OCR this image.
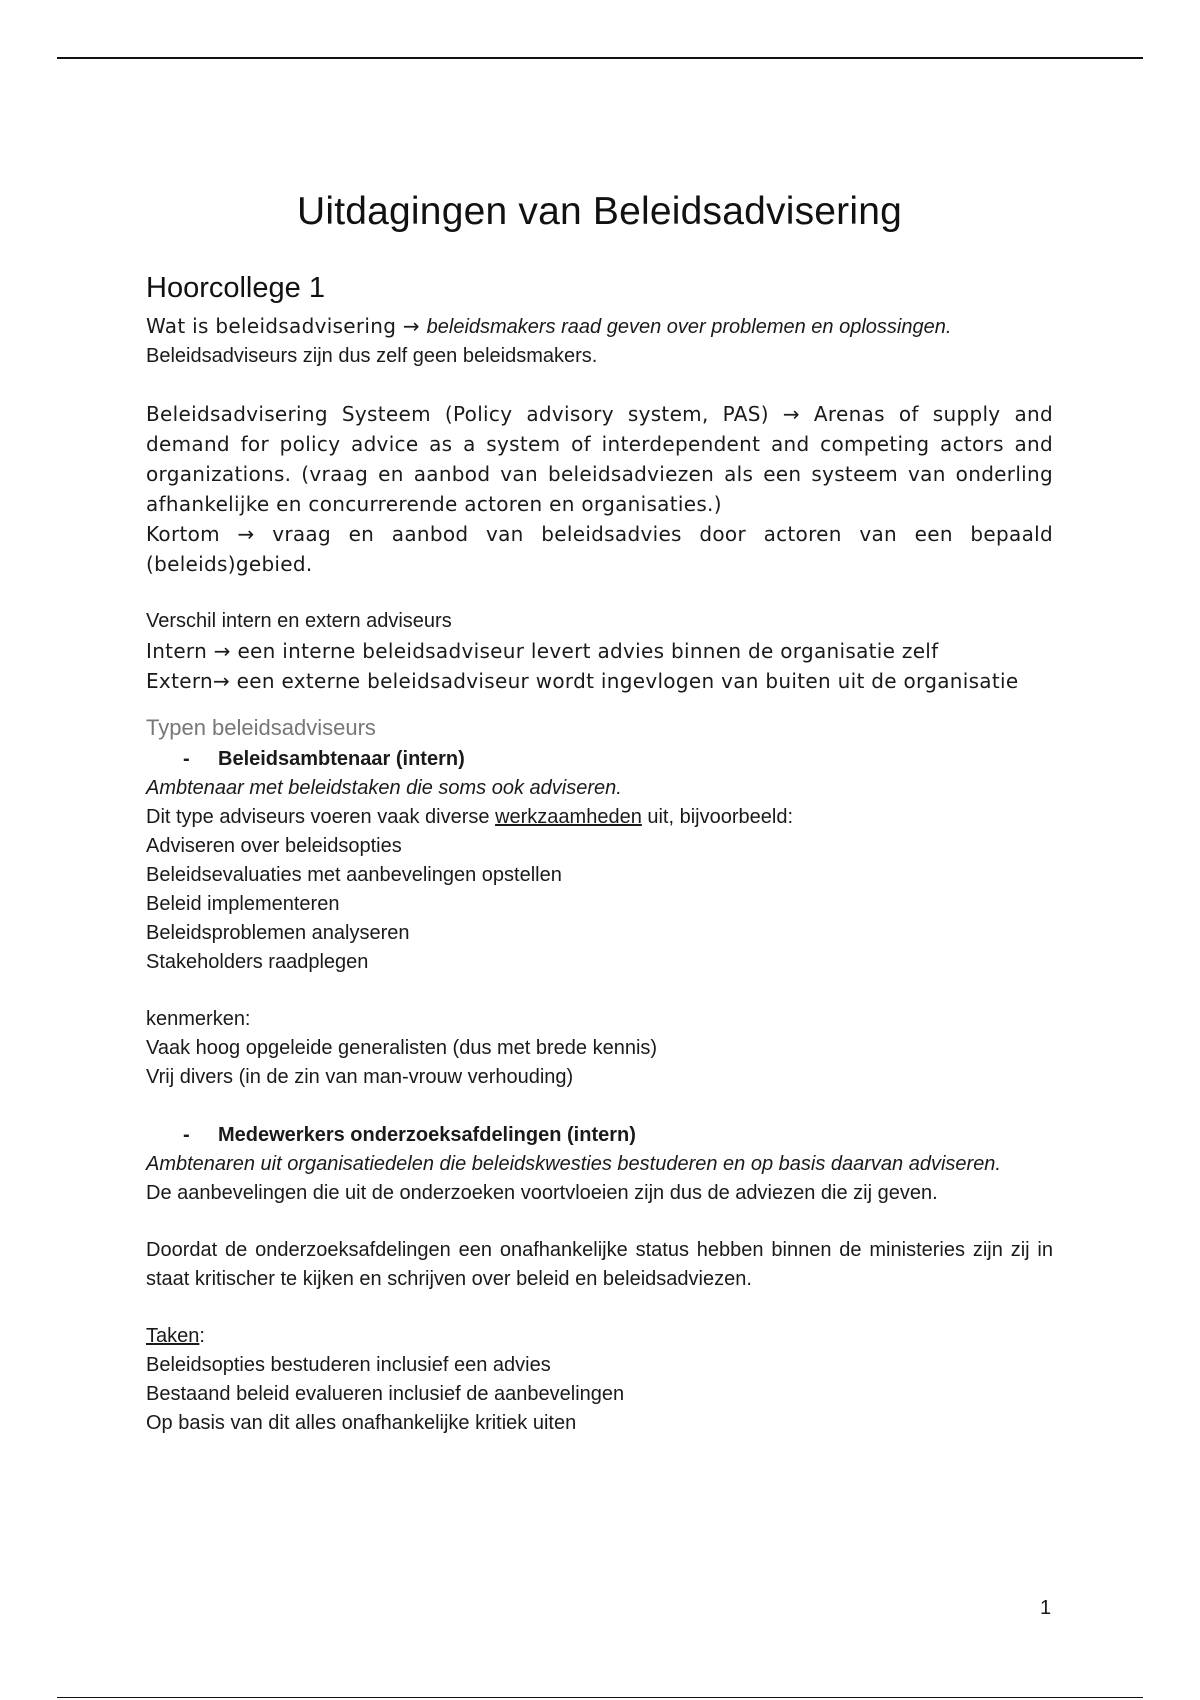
Uitdagingen van Beleidsadvisering
Hoorcollege 1

Wat is beleidsadvisering → beleidsmakers raad geven over problemen en oplossingen.

Beleidsadviseurs zijn dus zelf geen beleidsmakers.

Beleidsadvisering Systeem (Policy advisory system, PAS) → Arenas of supply and demand for policy advice as a system of interdependent and competing actors and organizations. (vraag en aanbod van beleidsadviezen als een systeem van onderling afhankelijke en concurrerende actoren en organisaties.)

Kortom → vraag en aanbod van beleidsadvies door actoren van een bepaald (beleids)gebied.

Verschil intern en extern adviseurs

Intern → een interne beleidsadviseur levert advies binnen de organisatie zelf

Extern→ een externe beleidsadviseur wordt ingevlogen van buiten uit de organisatie

Typen beleidsadviseurs

- Beleidsambtenaar (intern)

Ambtenaar met beleidstaken die soms ook adviseren.

Dit type adviseurs voeren vaak diverse werkzaamheden uit, bijvoorbeeld:

Adviseren over beleidsopties

Beleidsevaluaties met aanbevelingen opstellen

Beleid implementeren

Beleidsproblemen analyseren

Stakeholders raadplegen

kenmerken:

Vaak hoog opgeleide generalisten (dus met brede kennis)

Vrij divers (in de zin van man-vrouw verhouding)

- Medewerkers onderzoeksafdelingen (intern)

Ambtenaren uit organisatiedelen die beleidskwesties bestuderen en op basis daarvan adviseren.

De aanbevelingen die uit de onderzoeken voortvloeien zijn dus de adviezen die zij geven.

Doordat de onderzoeksafdelingen een onafhankelijke status hebben binnen de ministeries zijn zij in staat kritischer te kijken en schrijven over beleid en beleidsadviezen.

Taken:

Beleidsopties bestuderen inclusief een advies

Bestaand beleid evalueren inclusief de aanbevelingen

Op basis van dit alles onafhankelijke kritiek uiten

1
